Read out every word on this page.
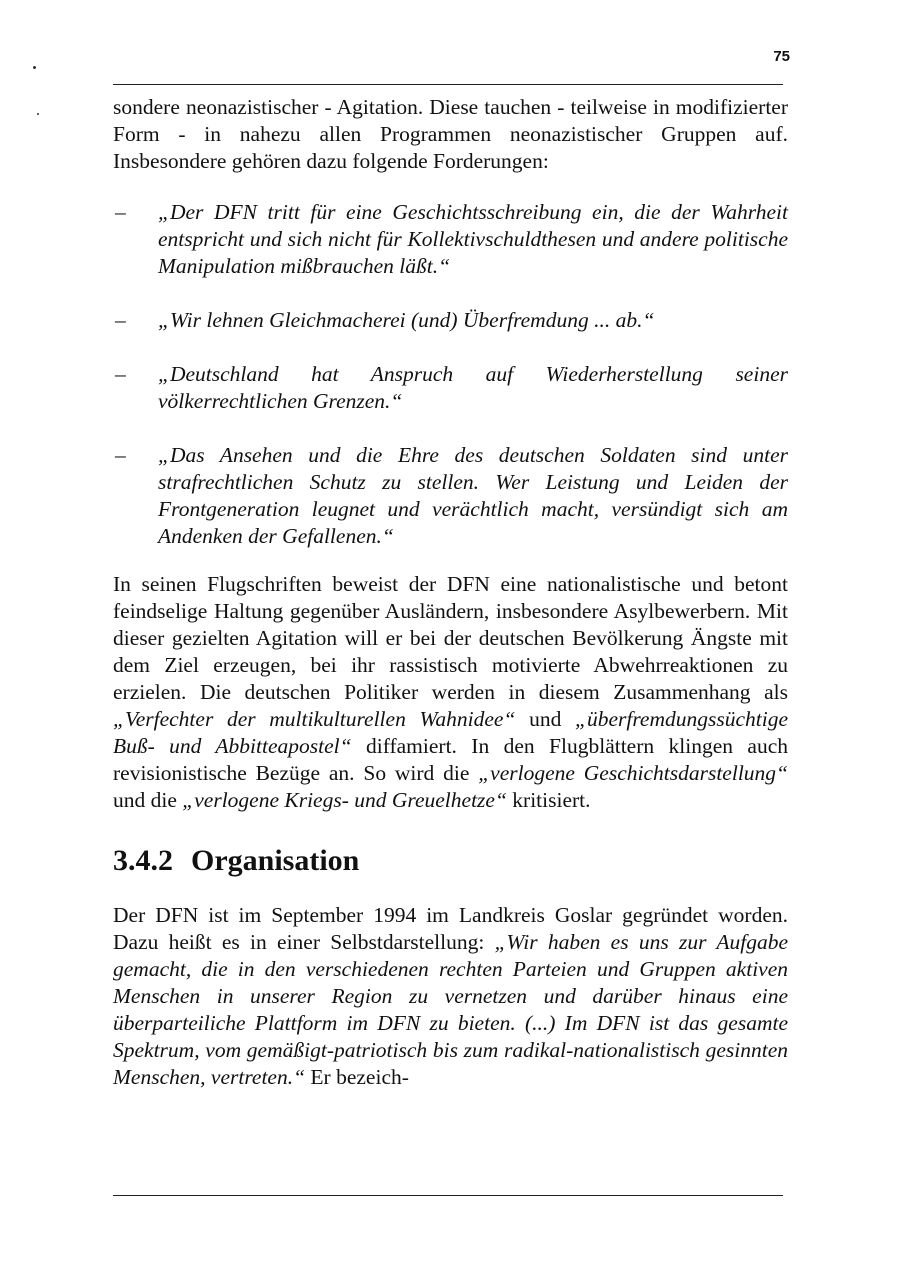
75

sondere neonazistischer - Agitation. Diese tauchen - teilweise in modifizierter Form - in nahezu allen Programmen neonazistischer Gruppen auf. Insbesondere gehören dazu folgende Forderungen:

–	„Der DFN tritt für eine Geschichtsschreibung ein, die der Wahrheit entspricht und sich nicht für Kollektivschuldthesen und andere politische Manipulation mißbrauchen läßt.“
–	„Wir lehnen Gleichmacherei (und) Überfremdung ... ab.“
–	„Deutschland hat Anspruch auf Wiederherstellung seiner völkerrechtlichen Grenzen.“
–	„Das Ansehen und die Ehre des deutschen Soldaten sind unter strafrechtlichen Schutz zu stellen. Wer Leistung und Leiden der Frontgeneration leugnet und verächtlich macht, versündigt sich am Andenken der Gefallenen.“

In seinen Flugschriften beweist der DFN eine nationalistische und betont feindselige Haltung gegenüber Ausländern, insbesondere Asylbewerbern. Mit dieser gezielten Agitation will er bei der deutschen Bevölkerung Ängste mit dem Ziel erzeugen, bei ihr rassistisch motivierte Abwehrreaktionen zu erzielen. Die deutschen Politiker werden in diesem Zusammenhang als „Verfechter der multikulturellen Wahnidee“ und „überfremdungssüchtige Buß- und Abbitteapostel“ diffamiert. In den Flugblättern klingen auch revisionistische Bezüge an. So wird die „verlogene Geschichtsdarstellung“ und die „verlogene Kriegs- und Greuelhetze“ kritisiert.

3.4.2 Organisation

Der DFN ist im September 1994 im Landkreis Goslar gegründet worden. Dazu heißt es in einer Selbstdarstellung: „Wir haben es uns zur Aufgabe gemacht, die in den verschiedenen rechten Parteien und Gruppen aktiven Menschen in unserer Region zu vernetzen und darüber hinaus eine überparteiliche Plattform im DFN zu bieten. (...) Im DFN ist das gesamte Spektrum, vom gemäßigt-patriotisch bis zum radikal-nationalistisch gesinnten Menschen, vertreten.“ Er bezeich-
